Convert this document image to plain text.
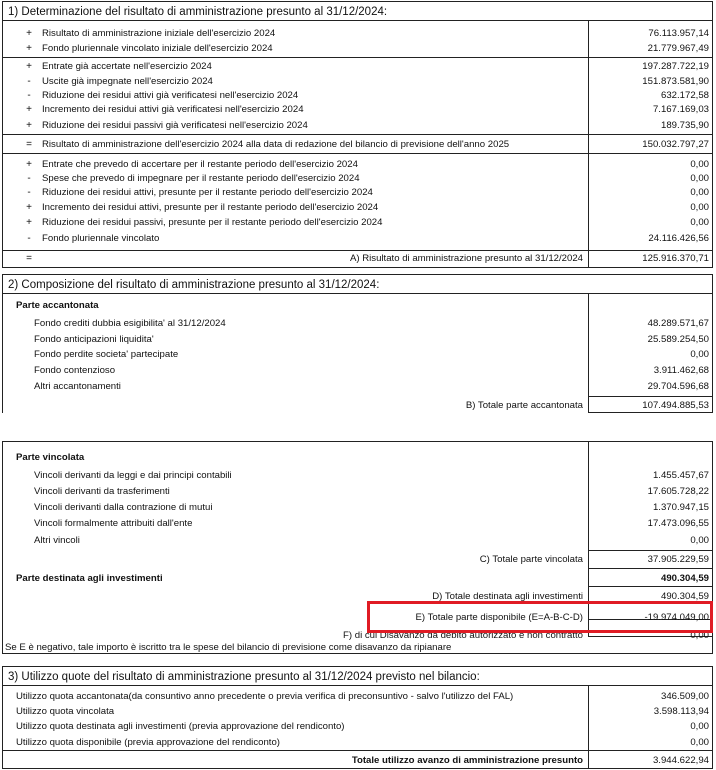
1) Determinazione del risultato di amministrazione presunto al 31/12/2024:
+ Risultato di amministrazione iniziale dell'esercizio 2024	76.113.957,14
+ Fondo pluriennale vincolato iniziale dell'esercizio 2024	21.779.967,49
+ Entrate già accertate nell'esercizio 2024	197.287.722,19
-	Uscite già impegnate nell'esercizio 2024	151.873.581,90
-	Riduzione dei residui attivi già verificatesi nell'esercizio 2024	632.172,58
+ Incremento dei residui attivi già verificatesi nell'esercizio 2024	7.167.169,03
+ Riduzione dei residui passivi già verificatesi nell'esercizio 2024	189.735,90
= Risultato di amministrazione dell'esercizio 2024 alla data di redazione del bilancio di previsione dell'anno 2025	150.032.797,27
+ Entrate che prevedo di accertare per il restante periodo dell'esercizio 2024	0,00
-	Spese che prevedo di impegnare per il restante periodo dell'esercizio 2024	0,00
-	Riduzione dei residui attivi, presunte per il restante periodo dell'esercizio 2024	0,00
+ Incremento dei residui attivi, presunte per il restante periodo dell'esercizio 2024	0,00
+ Riduzione dei residui passivi, presunte per il restante periodo dell'esercizio 2024	0,00
-	Fondo pluriennale vincolato	24.116.426,56
=	A) Risultato di amministrazione presunto al 31/12/2024	125.916.370,71
2) Composizione del risultato di amministrazione presunto al 31/12/2024:
Parte accantonata
Fondo crediti dubbia esigibilita' al 31/12/2024	48.289.571,67
Fondo anticipazioni liquidita'	25.589.254,50
Fondo perdite societa' partecipate	0,00
Fondo contenzioso	3.911.462,68
Altri accantonamenti	29.704.596,68
B) Totale parte accantonata	107.494.885,53
Parte vincolata
Vincoli derivanti da leggi e dai principi contabili	1.455.457,67
Vincoli derivanti da trasferimenti	17.605.728,22
Vincoli derivanti dalla contrazione di mutui	1.370.947,15
Vincoli formalmente attribuiti dall'ente	17.473.096,55
Altri vincoli	0,00
C) Totale parte vincolata	37.905.229,59
Parte destinata agli investimenti	490.304,59
D) Totale destinata agli investimenti	490.304,59
E) Totale parte disponibile (E=A-B-C-D)	-19.974.049,00
F) di cui Disavanzo da debito autorizzato e non contratto	0,00
Se E è negativo, tale importo è iscritto tra le spese del bilancio di previsione come disavanzo da ripianare
3) Utilizzo quote del risultato di amministrazione presunto al 31/12/2024 previsto nel bilancio:
Utilizzo quota accantonata(da consuntivo anno precedente o previa verifica di preconsuntivo - salvo l'utilizzo del FAL)	346.509,00
Utilizzo quota vincolata	3.598.113,94
Utilizzo quota destinata agli investimenti (previa approvazione del rendiconto)	0,00
Utilizzo quota disponibile (previa approvazione del rendiconto)	0,00
Totale utilizzo avanzo di amministrazione presunto	3.944.622,94
